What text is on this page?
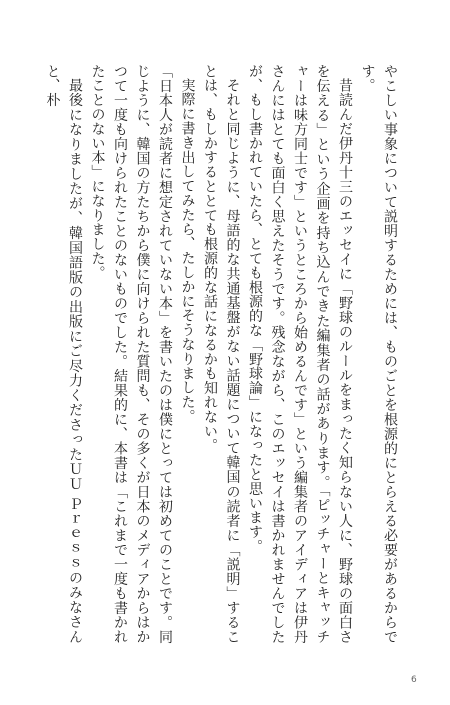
やこしい事象について説明するためには、ものごとを根源的にとらえる必要があるからです。

昔読んだ伊丹十三のエッセイに「野球のルールをまったく知らない人に、野球の面白さを伝える」という企画を持ち込んできた編集者の話があります。「ピッチャーとキャッチャーは味方同士です」というところから始めるんです」という編集者のアイディアは伊丹さんにはとても面白く思えたそうです。残念ながら、このエッセイは書かれませんでしたが、もし書かれていたら、とても根源的な「野球論」になったと思います。

それと同じように、母語的な共通基盤がない話題について韓国の読者に「説明」することは、もしかするととても根源的な話になるかも知れない。

実際に書き出してみたら、たしかにそうなりました。

「日本人が読者に想定されていない本」を書いたのは僕にとっては初めてのことです。同じように、韓国の方たちから僕に向けられた質問も、その多くが日本のメディアからはかつて一度も向けられたことのないものでした。結果的に、本書は「これまで一度も書かれたことのない本」になりました。

最後になりましたが、韓国語版の出版にご尽力くださったＵＵ Ｐｒｅｓｓのみなさんと、朴

6
